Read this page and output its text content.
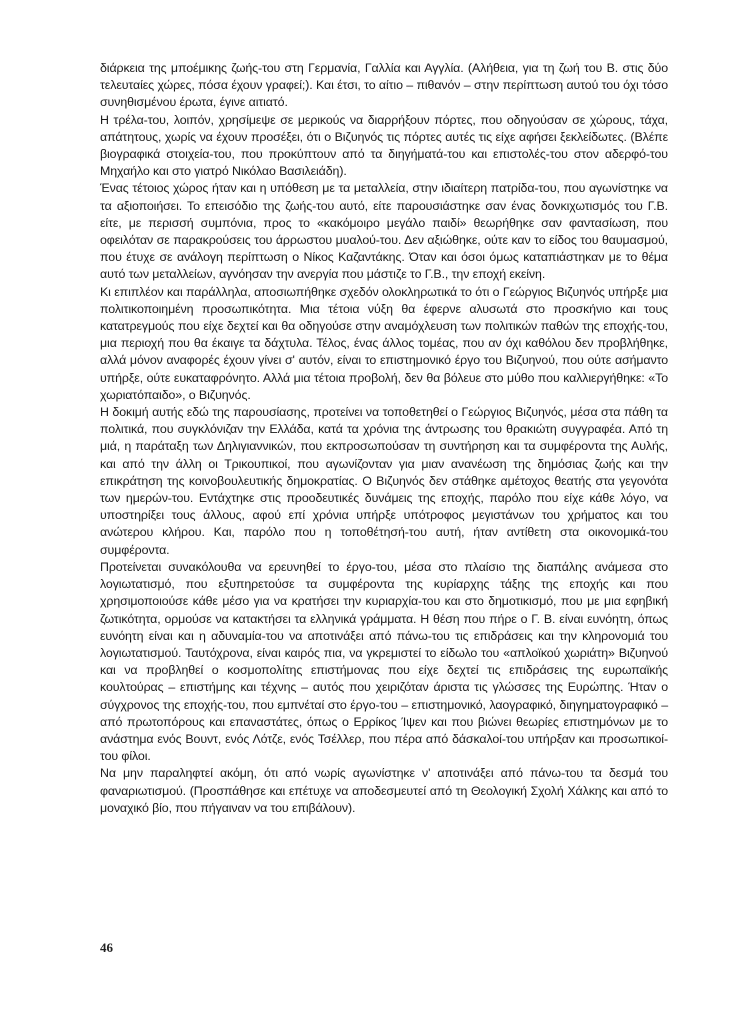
διάρκεια της μποέμικης ζωής-του στη Γερμανία, Γαλλία και Αγγλία. (Αλήθεια, για τη ζωή του Β. στις δύο τελευταίες χώρες, πόσα έχουν γραφεί;). Και έτσι, το αίτιο – πιθανόν – στην περίπτωση αυτού του όχι τόσο συνηθισμένου έρωτα, έγινε αιτιατό.

Η τρέλα-του, λοιπόν, χρησίμεψε σε μερικούς να διαρρήξουν πόρτες, που οδηγούσαν σε χώρους, τάχα, απάτητους, χωρίς να έχουν προσέξει, ότι ο Βιζυηνός τις πόρτες αυτές τις είχε αφήσει ξεκλείδωτες. (Βλέπε βιογραφικά στοιχεία-του, που προκύπτουν από τα διηγήματά-του και επιστολές-του στον αδερφό-του Μηχαήλο και στο γιατρό Νικόλαο Βασιλειάδη).

Ένας τέτοιος χώρος ήταν και η υπόθεση με τα μεταλλεία, στην ιδιαίτερη πατρίδα-του, που αγωνίστηκε να τα αξιοποιήσει. Το επεισόδιο της ζωής-του αυτό, είτε παρουσιάστηκε σαν ένας δονκιχωτισμός του Γ.Β. είτε, με περισσή συμπόνια, προς το «κακόμοιρο μεγάλο παιδί» θεωρήθηκε σαν φαντασίωση, που οφειλόταν σε παρακρούσεις του άρρωστου μυαλού-του. Δεν αξιώθηκε, ούτε καν το είδος του θαυμασμού, που έτυχε σε ανάλογη περίπτωση ο Νίκος Καζαντάκης. Όταν και όσοι όμως καταπιάστηκαν με το θέμα αυτό των μεταλλείων, αγνόησαν την ανεργία που μάστιζε το Γ.Β., την εποχή εκείνη.

Κι επιπλέον και παράλληλα, αποσιωπήθηκε σχεδόν ολοκληρωτικά το ότι ο Γεώργιος Βιζυηνός υπήρξε μια πολιτικοποιημένη προσωπικότητα. Μια τέτοια νύξη θα έφερνε αλυσωτά στο προσκήνιο και τους κατατρεγμούς που είχε δεχτεί και θα οδηγούσε στην αναμόχλευση των πολιτικών παθών της εποχής-του, μια περιοχή που θα έκαιγε τα δάχτυλα. Τέλος, ένας άλλος τομέας, που αν όχι καθόλου δεν προβλήθηκε, αλλά μόνον αναφορές έχουν γίνει σ' αυτόν, είναι το επιστημονικό έργο του Βιζυηνού, που ούτε ασήμαντο υπήρξε, ούτε ευκαταφρόνητο. Αλλά μια τέτοια προβολή, δεν θα βόλευε στο μύθο που καλλιεργήθηκε: «Το χωριατόπαιδο», ο Βιζυηνός.

Η δοκιμή αυτής εδώ της παρουσίασης, προτείνει να τοποθετηθεί ο Γεώργιος Βιζυηνός, μέσα στα πάθη τα πολιτικά, που συγκλόνιζαν την Ελλάδα, κατά τα χρόνια της άντρωσης του θρακιώτη συγγραφέα. Από τη μιά, η παράταξη των Δηλιγιαννικών, που εκπροσωπούσαν τη συντήρηση και τα συμφέροντα της Αυλής, και από την άλλη οι Τρικουπικοί, που αγωνίζονταν για μιαν ανανέωση της δημόσιας ζωής και την επικράτηση της κοινοβουλευτικής δημοκρατίας. Ο Βιζυηνός δεν στάθηκε αμέτοχος θεατής στα γεγονότα των ημερών-του. Εντάχτηκε στις προοδευτικές δυνάμεις της εποχής, παρόλο που είχε κάθε λόγο, να υποστηρίξει τους άλλους, αφού επί χρόνια υπήρξε υπότροφος μεγιστάνων του χρήματος και του ανώτερου κλήρου. Και, παρόλο που η τοποθέτησή-του αυτή, ήταν αντίθετη στα οικονομικά-του συμφέροντα.

Προτείνεται συνακόλουθα να ερευνηθεί το έργο-του, μέσα στο πλαίσιο της διαπάλης ανάμεσα στο λογιωτατισμό, που εξυπηρετούσε τα συμφέροντα της κυρίαρχης τάξης της εποχής και που χρησιμοποιούσε κάθε μέσο για να κρατήσει την κυριαρχία-του και στο δημοτικισμό, που με μια εφηβική ζωτικότητα, ορμούσε να κατακτήσει τα ελληνικά γράμματα. Η θέση που πήρε ο Γ. Β. είναι ευνόητη, όπως ευνόητη είναι και η αδυναμία-του να αποτινάξει από πάνω-του τις επιδράσεις και την κληρονομιά του λογιωτατισμού. Ταυτόχρονα, είναι καιρός πια, να γκρεμιστεί το είδωλο του «απλοϊκού χωριάτη» Βιζυηνού και να προβληθεί ο κοσμοπολίτης επιστήμονας που είχε δεχτεί τις επιδράσεις της ευρωπαϊκής κουλτούρας – επιστήμης και τέχνης – αυτός που χειριζόταν άριστα τις γλώσσες της Ευρώπης. Ήταν ο σύγχρονος της εποχής-του, που εμπνέταί στο έργο-του – επιστημονικό, λαογραφικό, διηγηματογραφικό – από πρωτοπόρους και επαναστάτες, όπως ο Ερρίκος Ίψεν και που βιώνει θεωρίες επιστημόνων με το ανάστημα ενός Βουντ, ενός Λότζε, ενός Τσέλλερ, που πέρα από δάσκαλοί-του υπήρξαν και προσωπικοί-του φίλοι.

Να μην παραληφτεί ακόμη, ότι από νωρίς αγωνίστηκε ν' αποτινάξει από πάνω-του τα δεσμά του φαναριωτισμού. (Προσπάθησε και επέτυχε να αποδεσμευτεί από τη Θεολογική Σχολή Χάλκης και από το μοναχικό βίο, που πήγαιναν να του επιβάλουν).

46
